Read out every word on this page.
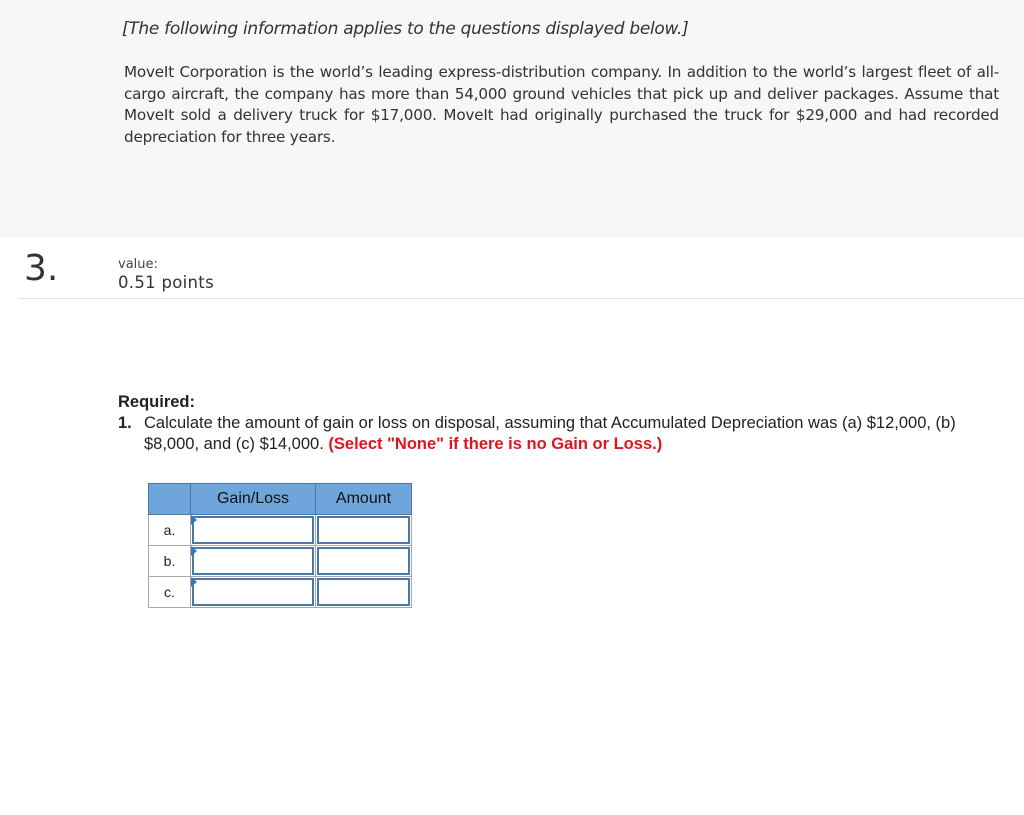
[The following information applies to the questions displayed below.]
MoveIt Corporation is the world’s leading express-distribution company. In addition to the world’s largest fleet of all-cargo aircraft, the company has more than 54,000 ground vehicles that pick up and deliver packages. Assume that MoveIt sold a delivery truck for $17,000. MoveIt had originally purchased the truck for $29,000 and had recorded depreciation for three years.
3.	value:
0.51 points
Required:
1. Calculate the amount of gain or loss on disposal, assuming that Accumulated Depreciation was (a) $12,000, (b) $8,000, and (c) $14,000. (Select "None" if there is no Gain or Loss.)
	Gain/Loss	Amount
a.	

b.	

c.	
